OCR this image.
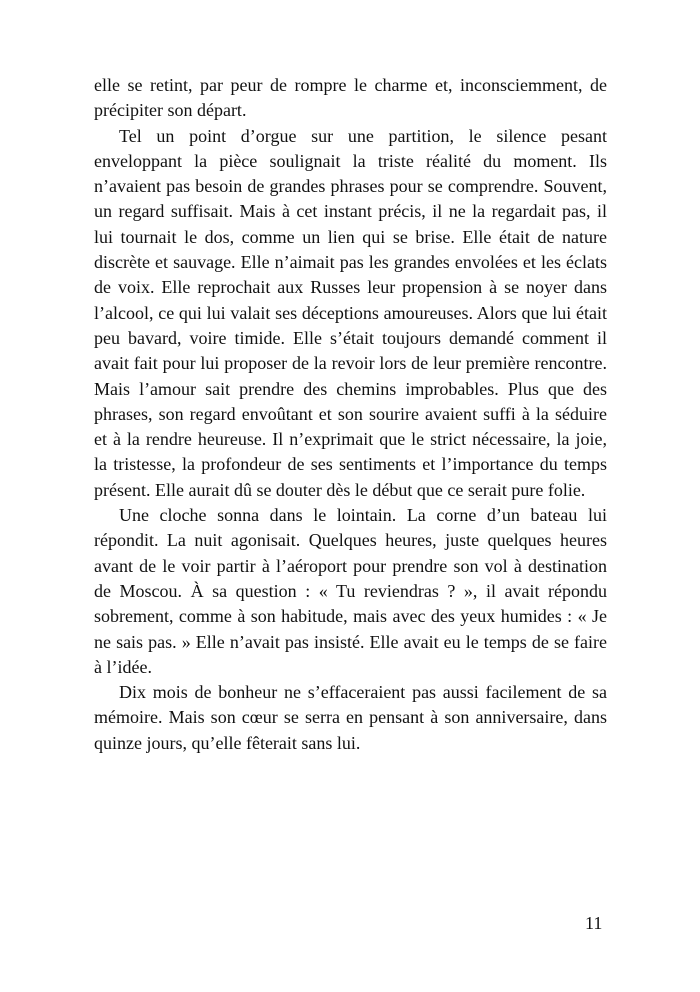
elle se retint, par peur de rompre le charme et, inconsciemment, de
précipiter son départ.
Tel un point d’orgue sur une partition, le silence pesant
enveloppant la pièce soulignait la triste réalité du moment. Ils
n’avaient pas besoin de grandes phrases pour se comprendre. Souvent,
un regard suffisait. Mais à cet instant précis, il ne la regardait pas, il
lui tournait le dos, comme un lien qui se brise. Elle était de nature
discrète et sauvage. Elle n’aimait pas les grandes envolées et les éclats
de voix. Elle reprochait aux Russes leur propension à se noyer dans
l’alcool, ce qui lui valait ses déceptions amoureuses. Alors que lui était
peu bavard, voire timide. Elle s’était toujours demandé comment il
avait fait pour lui proposer de la revoir lors de leur première rencontre.
Mais l’amour sait prendre des chemins improbables. Plus que des
phrases, son regard envoûtant et son sourire avaient suffi à la séduire
et à la rendre heureuse. Il n’exprimait que le strict nécessaire, la joie,
la tristesse, la profondeur de ses sentiments et l’importance du temps
présent. Elle aurait dû se douter dès le début que ce serait pure folie.
Une cloche sonna dans le lointain. La corne d’un bateau lui
répondit. La nuit agonisait. Quelques heures, juste quelques heures
avant de le voir partir à l’aéroport pour prendre son vol à destination
de Moscou. À sa question : « Tu reviendras ? », il avait répondu
sobrement, comme à son habitude, mais avec des yeux humides : « Je
ne sais pas. » Elle n’avait pas insisté. Elle avait eu le temps de se faire
à l’idée.
Dix mois de bonheur ne s’effaceraient pas aussi facilement de sa
mémoire. Mais son cœur se serra en pensant à son anniversaire, dans
quinze jours, qu’elle fêterait sans lui.
11
